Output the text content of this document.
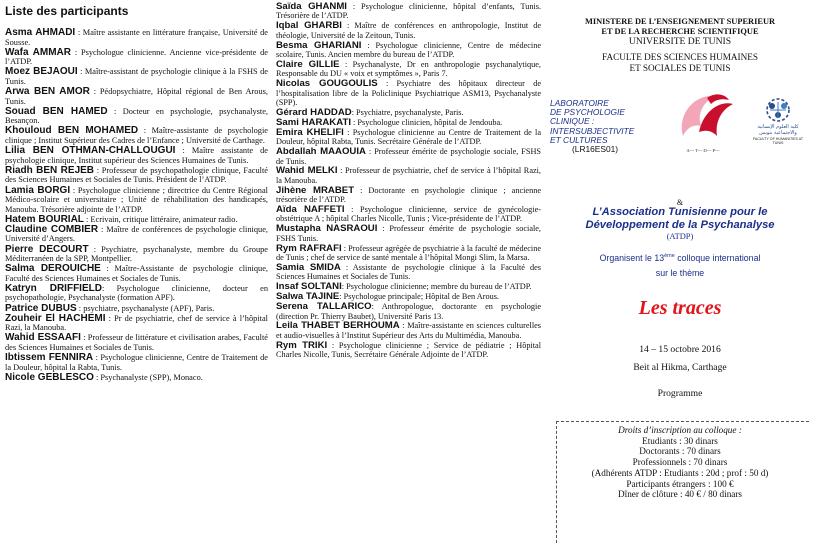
Liste des participants
Asma AHMADI : Maître assistante en littérature française, Université de Sousse.
Wafa AMMAR : Psychologue clinicienne. Ancienne vice-présidente de l’ATDP.
Moez BEJAOUI : Maître-assistant de psychologie clinique à la FSHS de Tunis.
Arwa BEN AMOR : Pédopsychiatre, Hôpital régional de Ben Arous, Tunis.
Souad BEN HAMED : Docteur en psychologie, psychanalyste, Besançon.
Khouloud BEN MOHAMED : Maître-assistante de psychologie clinique ; Institut Supérieur des Cadres de l’Enfance ; Université de Carthage.
Lilia BEN OTHMAN-CHALLOUGUI : Maître assistante de psychologie clinique, Institut supérieur des Sciences Humaines de Tunis.
Riadh BEN REJEB : Professeur de psychopathologie clinique, Faculté des Sciences Humaines et Sociales de Tunis. Président de l’ATDP.
Lamia BORGI : Psychologue clinicienne ; directrice du Centre Régional Médico-scolaire et universitaire ; Unité de réhabilitation des handicapés, Manouba. Trésorière adjointe de l’ATDP.
Hatem BOURIAL : Ecrivain, critique littéraire, animateur radio.
Claudine COMBIER : Maître de conférences de psychologie clinique, Université d’Angers.
Pierre DECOURT : Psychiatre, psychanalyste, membre du Groupe Méditerranéen de la SPP, Montpellier.
Salma DEROUICHE : Maître-Assistante de psychologie clinique, Faculté des Sciences Humaines et Sociales de Tunis.
Katryn DRIFFIELD: Psychologue clinicienne, docteur en psychopathologie, Psychanalyste (formation APF).
Patrice DUBUS : psychiatre, psychanalyste (APF), Paris.
Zouheir El HACHEMI : Pr de psychiatrie, chef de service à l’hôpital Razi, la Manouba.
Wahid ESSAAFI : Professeur de littérature et civilisation arabes, Faculté des Sciences Humaines et Sociales de Tunis.
Ibtissem FENNIRA : Psychologue clinicienne, Centre de Traitement de la Douleur, hôpital la Rabta, Tunis.
Nicole GEBLESCO : Psychanalyste (SPP), Monaco.
Saïda GHANMI : Psychologue clinicienne, hôpital d’enfants, Tunis. Trésorière de l’ATDP.
Iqbal GHARBI : Maître de conférences en anthropologie, Institut de théologie, Université de la Zeitoun, Tunis.
Besma GHARIANI : Psychologue clinicienne, Centre de médecine scolaire, Tunis. Ancien membre du bureau de l’ATDP.
Claire GILLIE : Psychanalyste, Dr en anthropologie psychanalytique, Responsable du DU « voix et symptômes », Paris 7.
Nicolas GOUGOULIS : Psychiatre des hôpitaux directeur de l’hospitalisation libre de la Policlinique Psychiatrique ASM13, Psychanalyste (SPP).
Gérard HADDAD: Psychiatre, psychanalyste, Paris.
Sami HARAKATI : Psychologue clinicien, hôpital de Jendouba.
Emira KHELIFI : Psychologue clinicienne au Centre de Traitement de la Douleur, hôpital Rabta, Tunis. Secrétaire Générale de l’ATDP.
Abdallah MAAOUIA : Professeur émérite de psychologie sociale, FSHS de Tunis.
Wahid MELKI : Professeur de psychiatrie, chef de service à l’hôpital Razi, la Manouba.
Jihène MRABET : Doctorante en psychologie clinique ; ancienne trésorière de l’ATDP.
Aïda NAFFETI : Psychologue clinicienne, service de gynécologie-obstétrique A ; hôpital Charles Nicolle, Tunis ; Vice-présidente de l’ATDP.
Mustapha NASRAOUI : Professeur émérite de psychologie sociale, FSHS Tunis.
Rym RAFRAFI : Professeur agrégée de psychiatrie à la faculté de médecine de Tunis ; chef de service de santé mentale à l’hôpital Mongi Slim, la Marsa.
Samia SMIDA : Assistante de psychologie clinique à la Faculté des Sciences Humaines et Sociales de Tunis.
Insaf SOLTANI: Psychologue clinicienne; membre du bureau de l’ATDP.
Salwa TAJINE: Psychologue principale; Hôpital de Ben Arous.
Serena TALLARICO: Anthropologue, doctorante en psychologie (direction Pr. Thierry Baubet), Université Paris 13.
Leila THABET BERHOUMA : Maître-assistante en sciences culturelles et audio-visuelles à l’Institut Supérieur des Arts du Multimédia, Manouba.
Rym TRIKI : Psychologue clinicienne ; Service de pédiatrie ; Hôpital Charles Nicolle, Tunis, Secrétaire Générale Adjointe de l’ATDP.
MINISTERE DE L’ENSEIGNEMENT SUPERIEUR
ET DE LA RECHERCHE SCIENTIFIQUE
UNIVERSITE DE TUNIS
FACULTE DES SCIENCES HUMAINES
ET SOCIALES DE TUNIS
LABORATOIRE
DE PSYCHOLOGIE
CLINIQUE :
INTERSUBJECTIVITE
ET CULTURES
(LR16ES01)	A--- T--- D--- P---
كلية العلوم الإنسانية والاجتماعية بتونس
FACULTY OF HUMANITIES AT TUNIS
&
L’Association Tunisienne pour le
Développement de la Psychanalyse
(ATDP)
Organisent le 13ème colloque international
sur le thème
Les traces
14 – 15 octobre 2016
Beit al Hikma, Carthage
Programme
Droits d’inscription au colloque :
Etudiants : 30 dinars
Doctorants : 70 dinars
Professionnels : 70 dinars
(Adhérents ATDP : Etudiants : 20d ; prof : 50 d)
Participants étrangers : 100 €
Dîner de clôture : 40 € / 80 dinars
